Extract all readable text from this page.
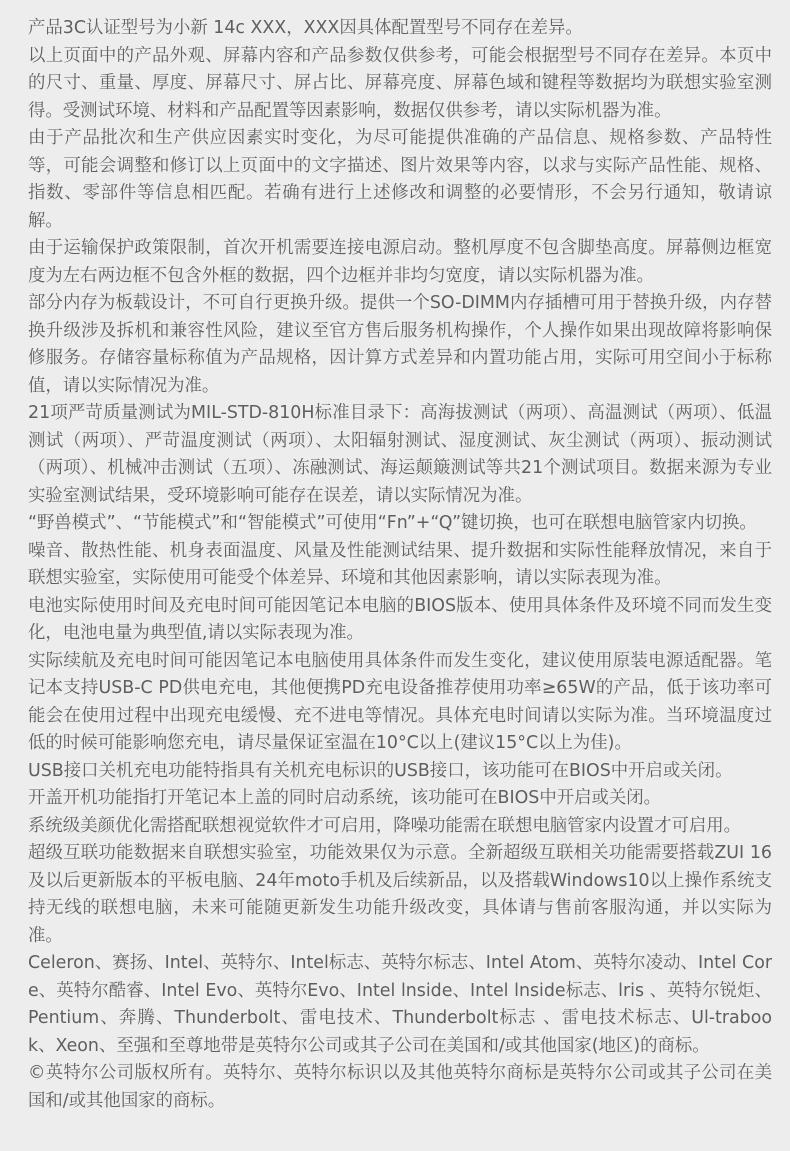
产品3C认证型号为小新 14c XXX，XXX因具体配置型号不同存在差异。

以上页面中的产品外观、屏幕内容和产品参数仅供参考，可能会根据型号不同存在差异。本页中的尺寸、重量、厚度、屏幕尺寸、屏占比、屏幕亮度、屏幕色域和键程等数据均为联想实验室测得。受测试环境、材料和产品配置等因素影响，数据仅供参考，请以实际机器为准。

由于产品批次和生产供应因素实时变化，为尽可能提供准确的产品信息、规格参数、产品特性等，可能会调整和修订以上页面中的文字描述、图片效果等内容，以求与实际产品性能、规格、指数、零部件等信息相匹配。若确有进行上述修改和调整的必要情形，不会另行通知，敬请谅解。

由于运输保护政策限制，首次开机需要连接电源启动。整机厚度不包含脚垫高度。屏幕侧边框宽度为左右两边框不包含外框的数据，四个边框并非均匀宽度，请以实际机器为准。

部分内存为板载设计，不可自行更换升级。提供一个SO-DIMM内存插槽可用于替换升级，内存替换升级涉及拆机和兼容性风险，建议至官方售后服务机构操作，个人操作如果出现故障将影响保修服务。存储容量标称值为产品规格，因计算方式差异和内置功能占用，实际可用空间小于标称值，请以实际情况为准。

21项严苛质量测试为MIL-STD-810H标准目录下：高海拔测试（两项）、高温测试（两项）、低温测试（两项）、严苛温度测试（两项）、太阳辐射测试、湿度测试、灰尘测试（两项）、振动测试（两项）、机械冲击测试（五项）、冻融测试、海运颠簸测试等共21个测试项目。数据来源为专业实验室测试结果，受环境影响可能存在误差，请以实际情况为准。

“野兽模式”、“节能模式”和“智能模式”可使用“Fn”+“Q”键切换，也可在联想电脑管家内切换。

噪音、散热性能、机身表面温度、风量及性能测试结果、提升数据和实际性能释放情况，来自于联想实验室，实际使用可能受个体差异、环境和其他因素影响，请以实际表现为准。

电池实际使用时间及充电时间可能因笔记本电脑的BIOS版本、使用具体条件及环境不同而发生变化，电池电量为典型值,请以实际表现为准。

实际续航及充电时间可能因笔记本电脑使用具体条件而发生变化，建议使用原装电源适配器。笔记本支持USB-C PD供电充电，其他便携PD充电设备推荐使用功率≥65W的产品，低于该功率可能会在使用过程中出现充电缓慢、充不进电等情况。具体充电时间请以实际为准。当环境温度过低的时候可能影响您充电，请尽量保证室温在10°C以上(建议15°C以上为佳)。

USB接口关机充电功能特指具有关机充电标识的USB接口，该功能可在BIOS中开启或关闭。

开盖开机功能指打开笔记本上盖的同时启动系统，该功能可在BIOS中开启或关闭。

系统级美颜优化需搭配联想视觉软件才可启用，降噪功能需在联想电脑管家内设置才可启用。

超级互联功能数据来自联想实验室，功能效果仅为示意。全新超级互联相关功能需要搭载ZUI 16及以后更新版本的平板电脑、24年moto手机及后续新品，以及搭载Windows10以上操作系统支持无线的联想电脑，未来可能随更新发生功能升级改变，具体请与售前客服沟通，并以实际为准。

Celeron、赛扬、Intel、英特尔、Intel标志、英特尔标志、Intel Atom、英特尔凌动、Intel Core、英特尔酷睿、Intel Evo、英特尔Evo、Intel lnside、Intel lnside标志、lris 、英特尔锐炬、Pentium、奔腾、Thunderbolt、雷电技术、Thunderbolt标志 、雷电技术标志、Ul-trabook、Xeon、至强和至尊地带是英特尔公司或其子公司在美国和/或其他国家(地区)的商标。

©英特尔公司版权所有。英特尔、英特尔标识以及其他英特尔商标是英特尔公司或其子公司在美国和/或其他国家的商标。
